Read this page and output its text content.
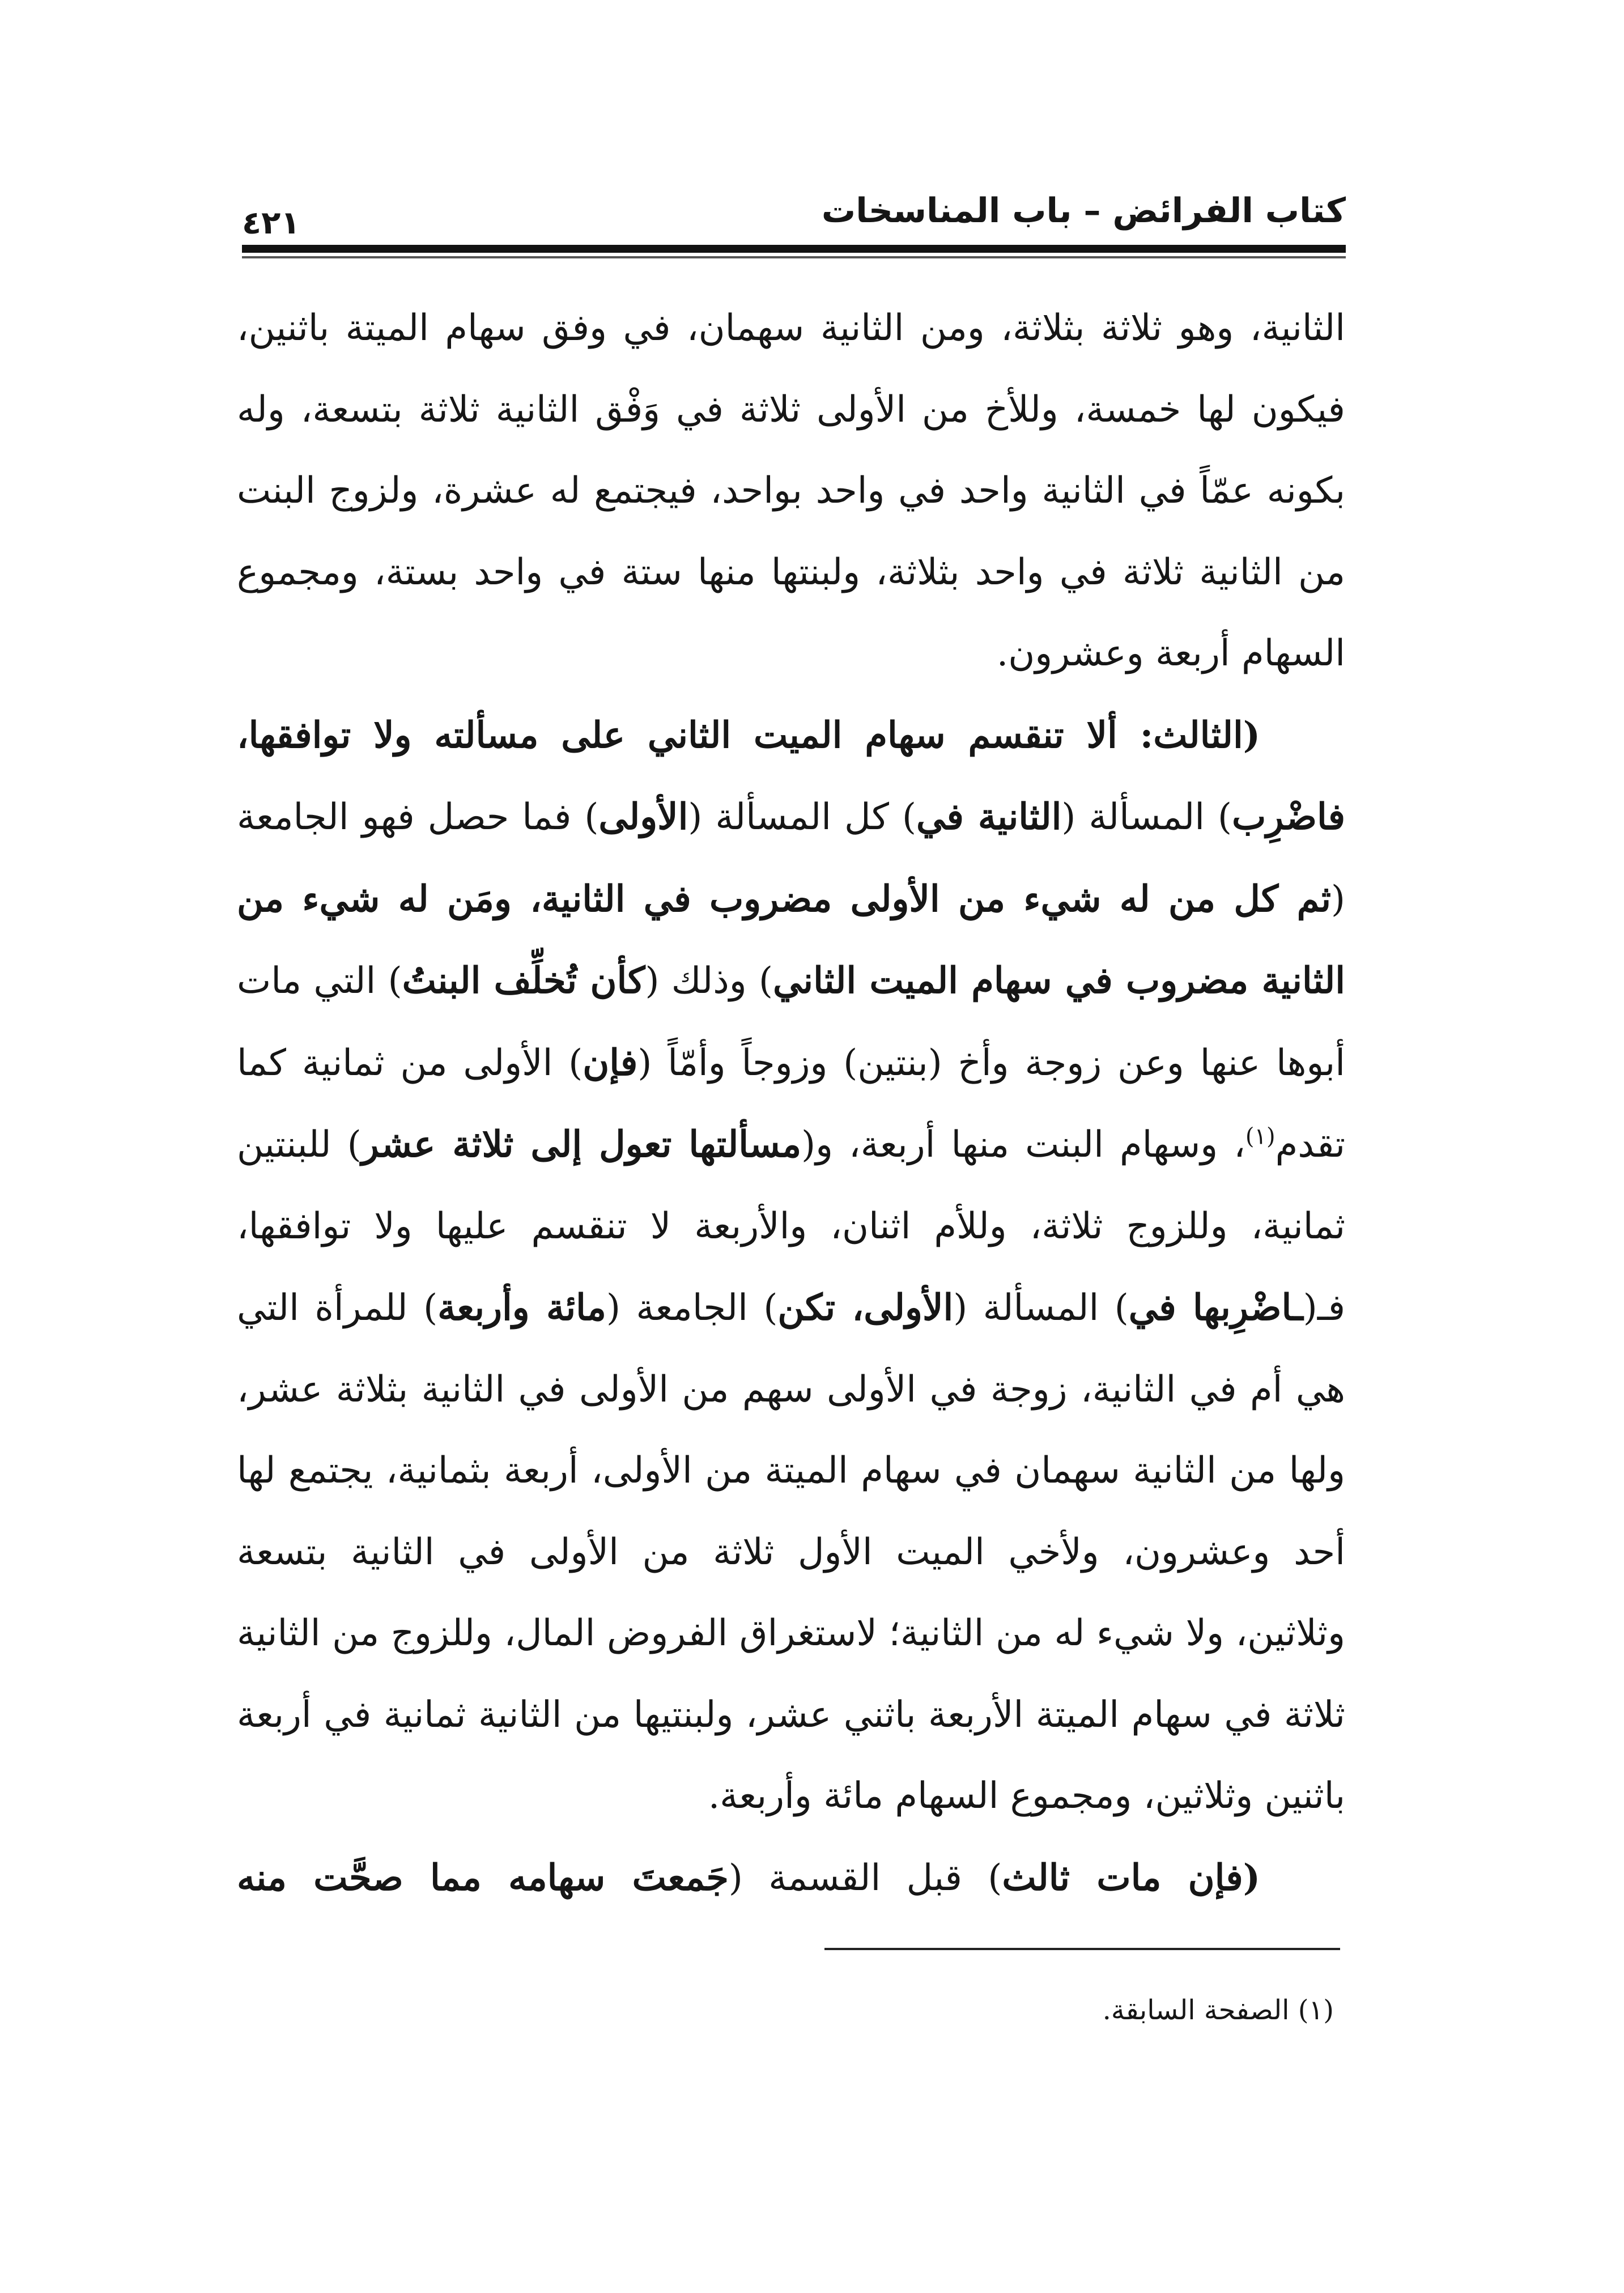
كتاب الفرائض – باب المناسخات
٤٢١

الثانية، وهو ثلاثة بثلاثة، ومن الثانية سهمان، في وفق سهام الميتة باثنين، فيكون لها خمسة، وللأخ من الأولى ثلاثة في وَفْق الثانية ثلاثة بتسعة، وله بكونه عمّاً في الثانية واحد في واحد بواحد، فيجتمع له عشرة، ولزوج البنت من الثانية ثلاثة في واحد بثلاثة، ولبنتها منها ستة في واحد بستة، ومجموع السهام أربعة وعشرون.

(الثالث: ألا تنقسم سهام الميت الثاني على مسألته ولا توافقها، فاضْرِب) المسألة (الثانية في) كل المسألة (الأولى) فما حصل فهو الجامعة (ثم كل من له شيء من الأولى مضروب في الثانية، ومَن له شيء من الثانية مضروب في سهام الميت الثاني) وذلك (كأن تُخلِّف البنتُ) التي مات أبوها عنها وعن زوجة وأخ (بنتين) وزوجاً وأمّاً (فإن) الأولى من ثمانية كما تقدم$^{(١)}$، وسهام البنت منها أربعة، و(مسألتها تعول إلى ثلاثة عشر) للبنتين ثمانية، وللزوج ثلاثة، وللأم اثنان، والأربعة لا تنقسم عليها ولا توافقها، فـ(ـاضْرِبها في) المسألة (الأولى، تكن) الجامعة (مائة وأربعة) للمرأة التي هي أم في الثانية، زوجة في الأولى سهم من الأولى في الثانية بثلاثة عشر، ولها من الثانية سهمان في سهام الميتة من الأولى، أربعة بثمانية، يجتمع لها أحد وعشرون، ولأخي الميت الأول ثلاثة من الأولى في الثانية بتسعة وثلاثين، ولا شيء له من الثانية؛ لاستغراق الفروض المال، وللزوج من الثانية ثلاثة في سهام الميتة الأربعة باثني عشر، ولبنتيها من الثانية ثمانية في أربعة باثنين وثلاثين، ومجموع السهام مائة وأربعة.

(فإن مات ثالث) قبل القسمة (جَمعتَ سهامه مما صحَّت منه

(١) الصفحة السابقة.
